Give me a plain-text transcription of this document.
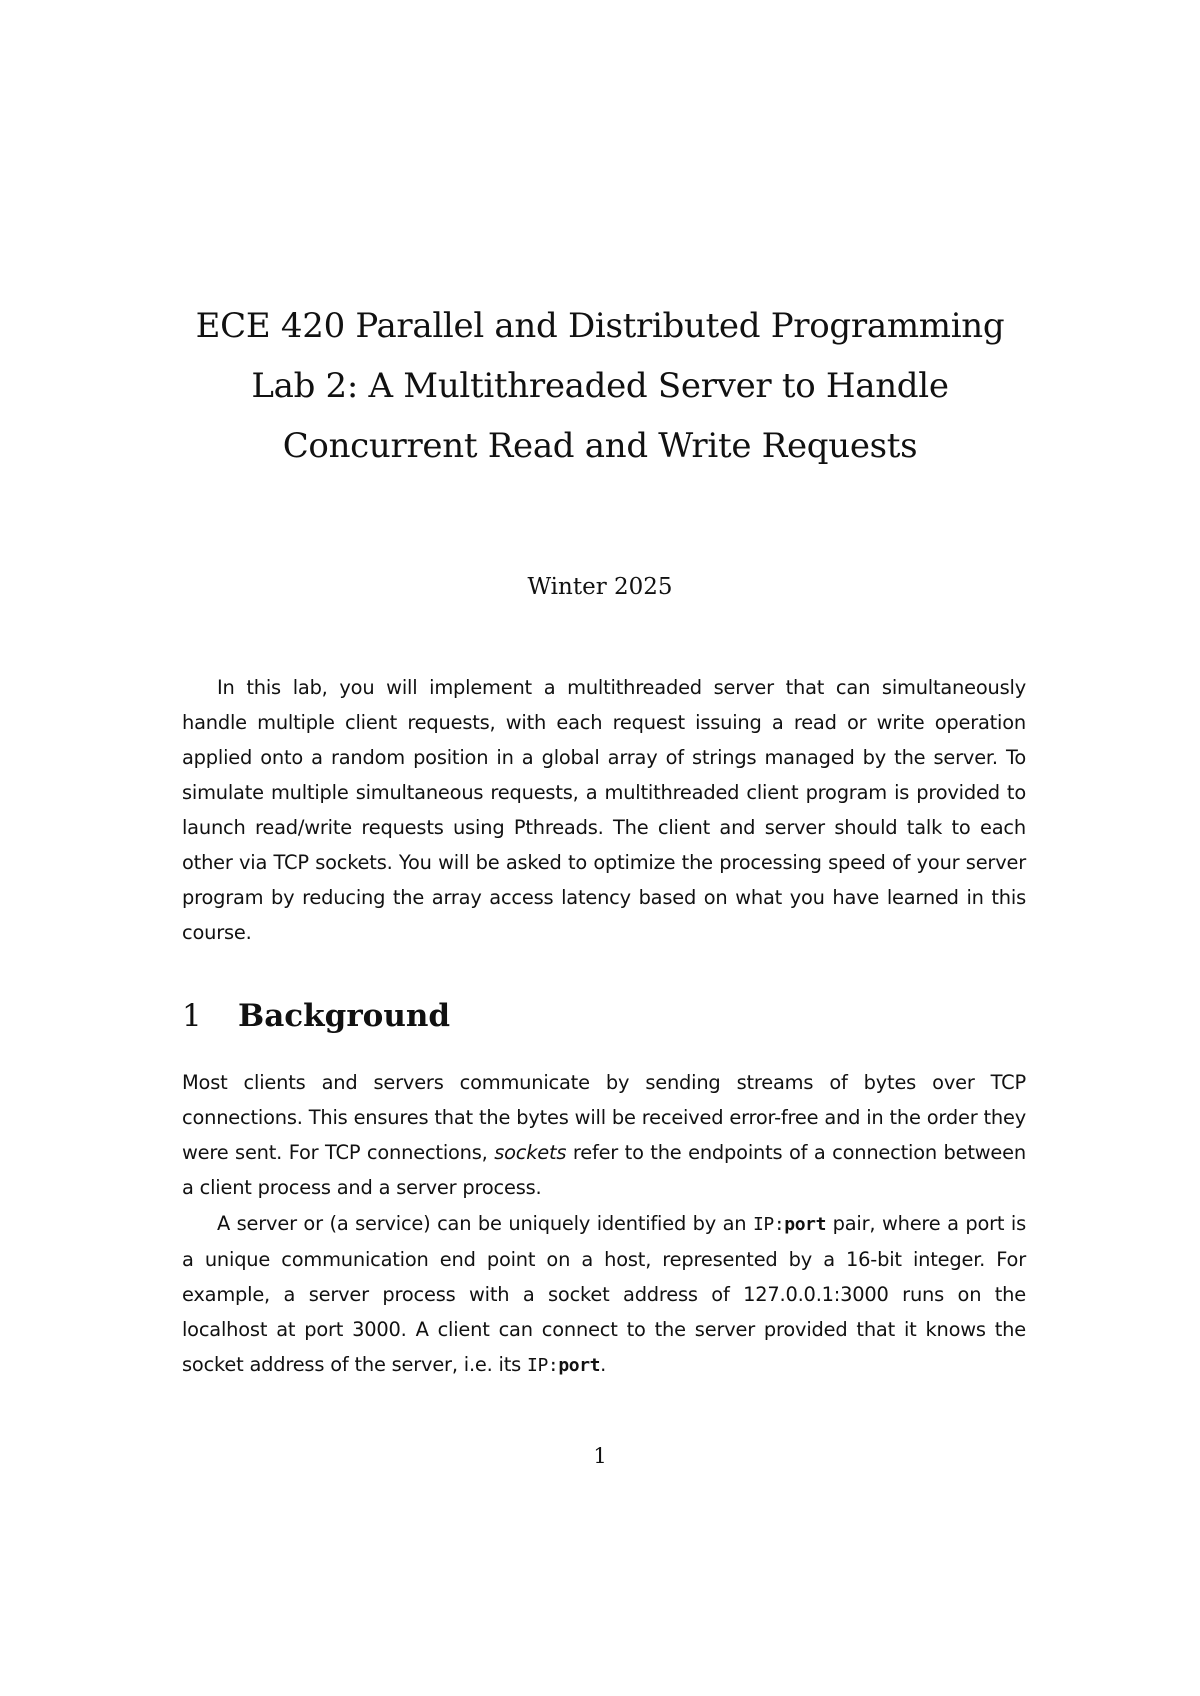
ECE 420 Parallel and Distributed Programming
Lab 2: A Multithreaded Server to Handle
Concurrent Read and Write Requests
Winter 2025

In this lab, you will implement a multithreaded server that can simultaneously handle multiple client requests, with each request issuing a read or write operation applied onto a random position in a global array of strings managed by the server. To simulate multiple simultaneous requests, a multithreaded client program is provided to launch read/write requests using Pthreads. The client and server should talk to each other via TCP sockets. You will be asked to optimize the processing speed of your server program by reducing the array access latency based on what you have learned in this course.

1 Background

Most clients and servers communicate by sending streams of bytes over TCP connections. This ensures that the bytes will be received error-free and in the order they were sent. For TCP connections, sockets refer to the endpoints of a connection between a client process and a server process.

A server or (a service) can be uniquely identified by an IP:port pair, where a port is a unique communication end point on a host, represented by a 16-bit integer. For example, a server process with a socket address of 127.0.0.1:3000 runs on the localhost at port 3000. A client can connect to the server provided that it knows the socket address of the server, i.e. its IP:port.

1
